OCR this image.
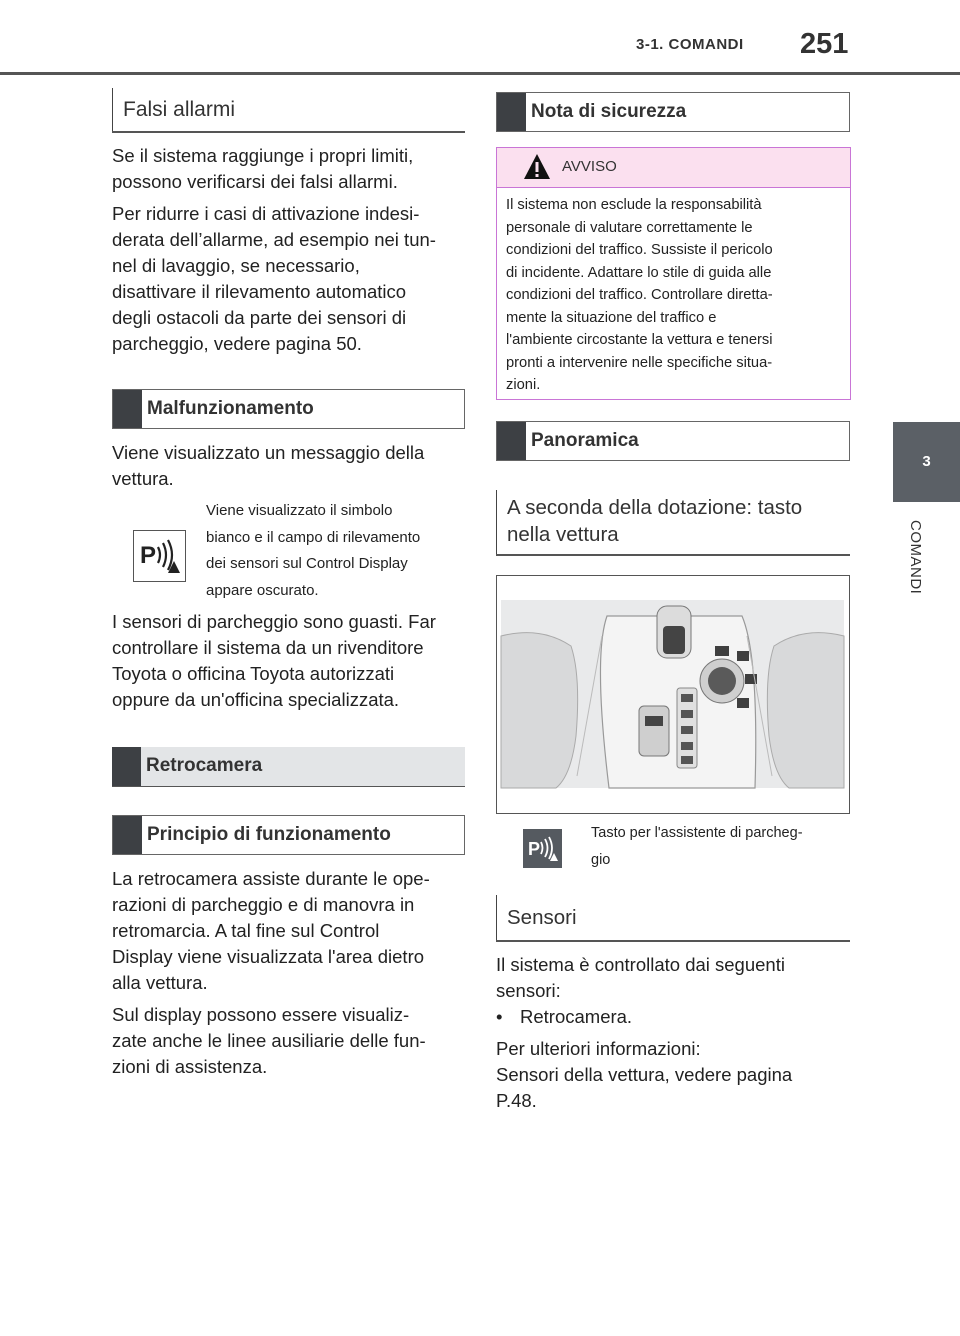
3-1. COMANDI 251
3
COMANDI
Falsi allarmi
Se il sistema raggiunge i propri limiti,
possono verificarsi dei falsi allarmi.
Per ridurre i casi di attivazione indesi-
derata dell’allarme, ad esempio nei tun-
nel di lavaggio, se necessario,
disattivare il rilevamento automatico
degli ostacoli da parte dei sensori di
parcheggio, vedere pagina 50.
Malfunzionamento
Viene visualizzato un messaggio della
vettura.
P
Viene visualizzato il simbolo
bianco e il campo di rilevamento
dei sensori sul Control Display
appare oscurato.
I sensori di parcheggio sono guasti. Far
controllare il sistema da un rivenditore
Toyota o officina Toyota autorizzati
oppure da un'officina specializzata.
Retrocamera
Principio di funzionamento
La retrocamera assiste durante le ope-
razioni di parcheggio e di manovra in
retromarcia. A tal fine sul Control
Display viene visualizzata l'area dietro
alla vettura.
Sul display possono essere visualiz-
zate anche le linee ausiliarie delle fun-
zioni di assistenza.
Nota di sicurezza
AVVISO
Il sistema non esclude la responsabilità
personale di valutare correttamente le
condizioni del traffico. Sussiste il pericolo
di incidente. Adattare lo stile di guida alle
condizioni del traffico. Controllare diretta-
mente la situazione del traffico e
l'ambiente circostante la vettura e tenersi
pronti a intervenire nelle specifiche situa-
zioni.
Panoramica
A seconda della dotazione: tasto
nella vettura
P
Tasto per l'assistente di parcheg-
gio
Sensori
Il sistema è controllato dai seguenti
sensori:
• Retrocamera.
Per ulteriori informazioni:
Sensori della vettura, vedere pagina
P.48.
